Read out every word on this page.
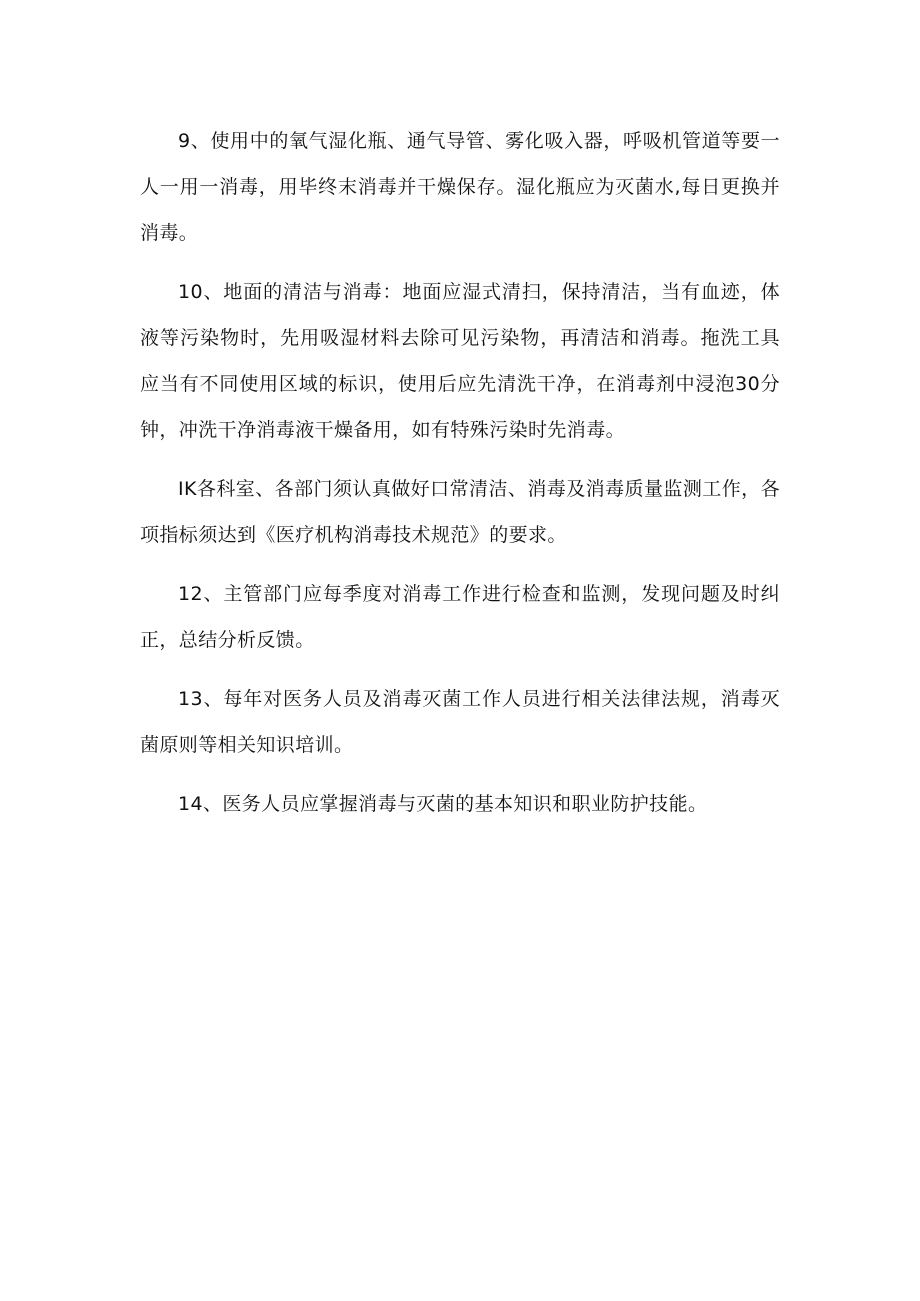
9、使用中的氧气湿化瓶、通气导管、雾化吸入器，呼吸机管道等要一人一用一消毒，用毕终末消毒并干燥保存。湿化瓶应为灭菌水,每日更换并消毒。

10、地面的清洁与消毒：地面应湿式清扫，保持清洁，当有血迹，体液等污染物时，先用吸湿材料去除可见污染物，再清洁和消毒。拖洗工具应当有不同使用区域的标识，使用后应先清洗干净，在消毒剂中浸泡30分钟，冲洗干净消毒液干燥备用，如有特殊污染时先消毒。

IK各科室、各部门须认真做好口常清洁、消毒及消毒质量监测工作，各项指标须达到《医疗机构消毒技术规范》的要求。

12、主管部门应每季度对消毒工作进行检查和监测，发现问题及时纠正，总结分析反馈。

13、每年对医务人员及消毒灭菌工作人员进行相关法律法规，消毒灭菌原则等相关知识培训。

14、医务人员应掌握消毒与灭菌的基本知识和职业防护技能。
